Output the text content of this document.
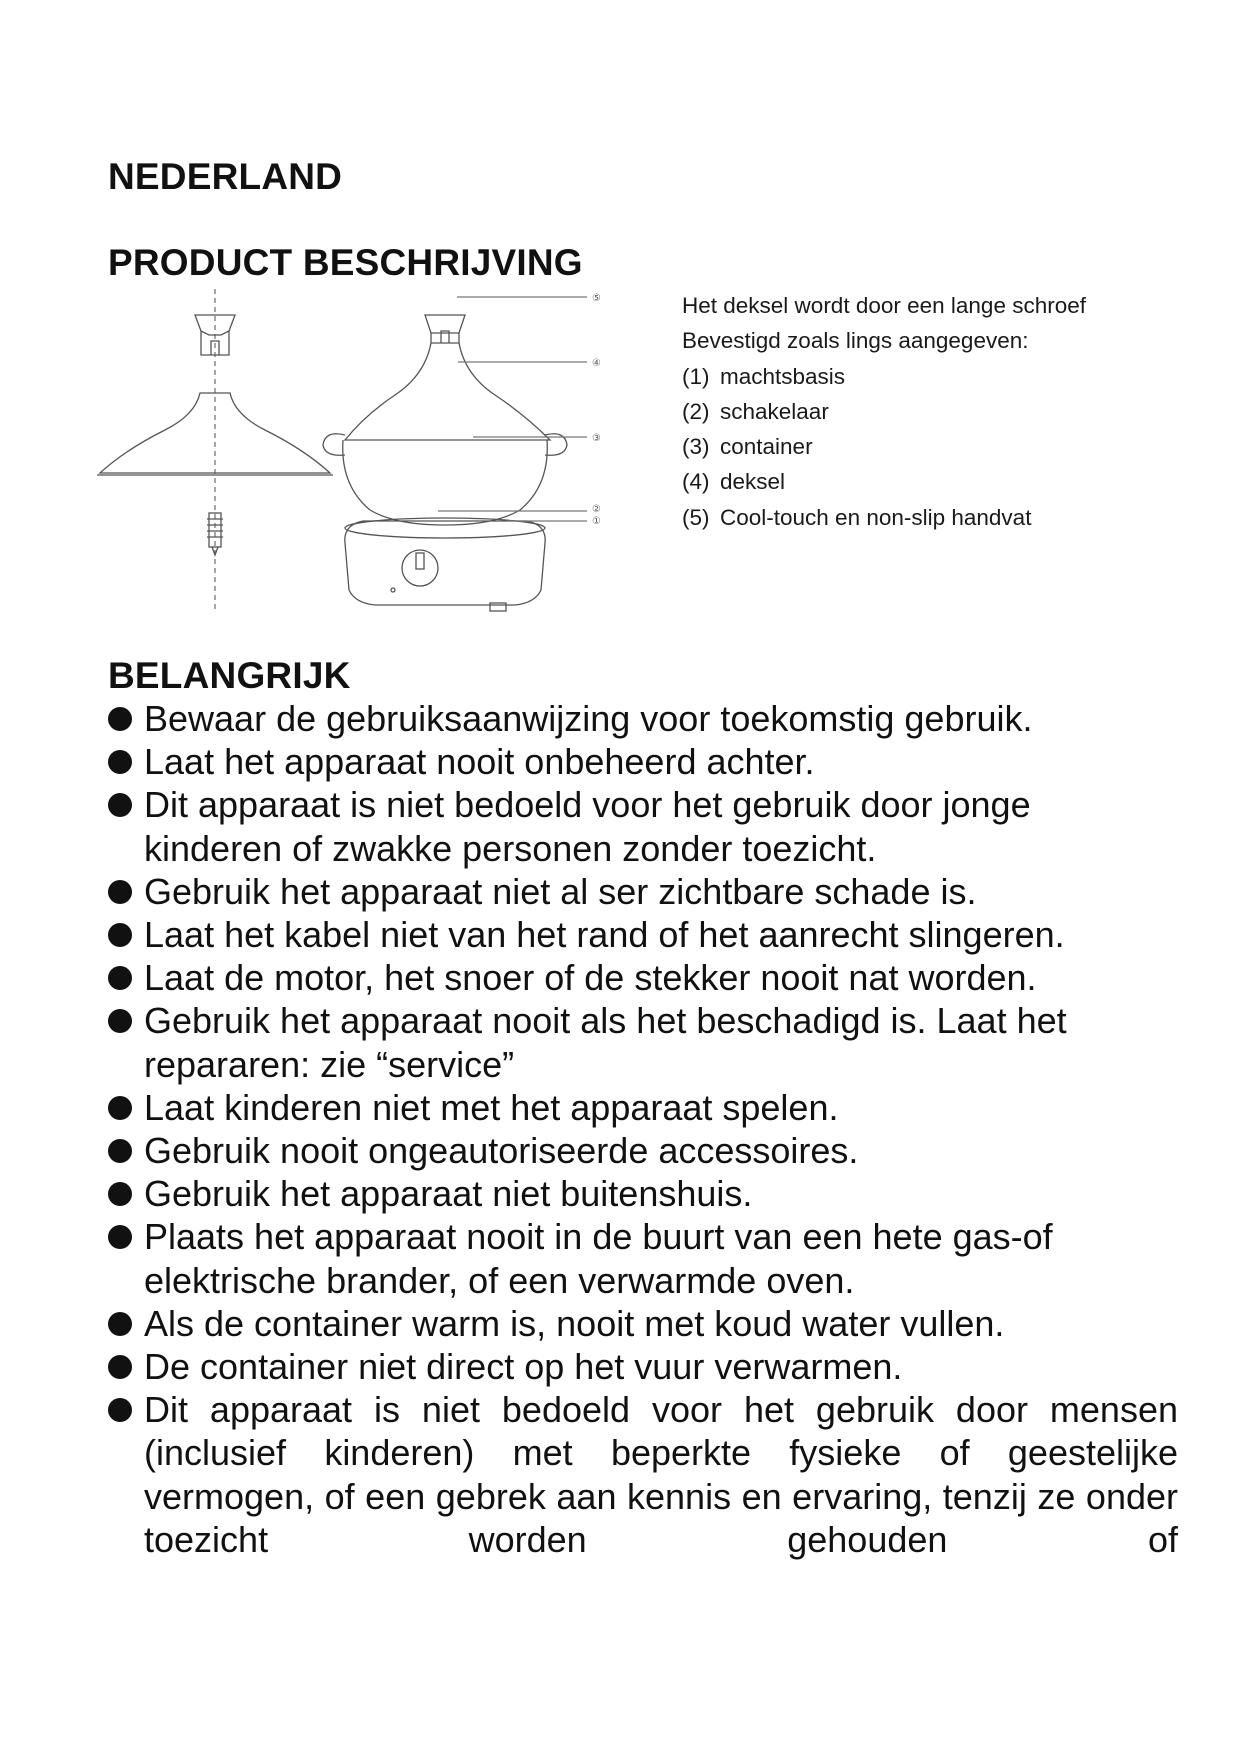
NEDERLAND
PRODUCT BESCHRIJVING
⑤
④
③
②
①
Het deksel wordt door een lange schroef
Bevestigd zoals lings aangegeven:
(1) machtsbasis
(2) schakelaar
(3) container
(4) deksel
(5) Cool-touch en non-slip handvat
BELANGRIJK
Bewaar de gebruiksaanwijzing voor toekomstig gebruik.
Laat het apparaat nooit onbeheerd achter.
Dit apparaat is niet bedoeld voor het gebruik door jonge kinderen of zwakke personen zonder toezicht.
Gebruik het apparaat niet al ser zichtbare schade is.
Laat het kabel niet van het rand of het aanrecht slingeren.
Laat de motor, het snoer of de stekker nooit nat worden.
Gebruik het apparaat nooit als het beschadigd is. Laat het repararen: zie “service”
Laat kinderen niet met het apparaat spelen.
Gebruik nooit ongeautoriseerde accessoires.
Gebruik het apparaat niet buitenshuis.
Plaats het apparaat nooit in de buurt van een hete gas-of elektrische brander, of een verwarmde oven.
Als de container warm is, nooit met koud water vullen.
De container niet direct op het vuur verwarmen.
Dit apparaat is niet bedoeld voor het gebruik door mensen (inclusief kinderen) met beperkte fysieke of geestelijke vermogen, of een gebrek aan kennis en ervaring, tenzij ze onder toezicht worden gehouden of
